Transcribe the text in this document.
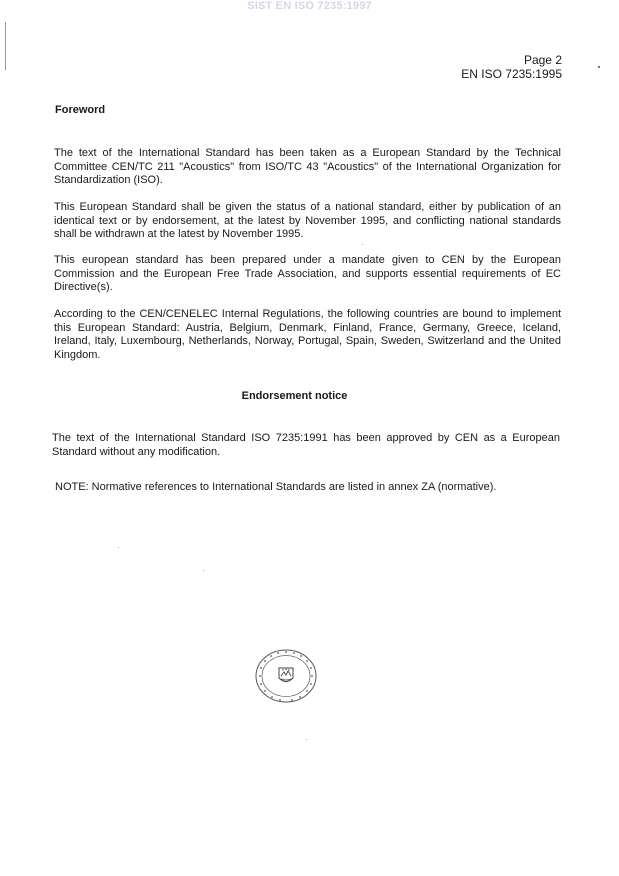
SIST EN ISO 7235:1997
Page 2
EN ISO 7235:1995
Foreword
The text of the International Standard has been taken as a European Standard by the Technical Committee CEN/TC 211 "Acoustics" from ISO/TC 43 "Acoustics" of the International Organization for Standardization (ISO).
This European Standard shall be given the status of a national standard, either by publication of an identical text or by endorsement, at the latest by November 1995, and conflicting national standards shall be withdrawn at the latest by November 1995.
This european standard has been prepared under a mandate given to CEN by the European Commission and the European Free Trade Association, and supports essential requirements of EC Directive(s).
According to the CEN/CENELEC Internal Regulations, the following countries are bound to implement this European Standard: Austria, Belgium, Denmark, Finland, France, Germany, Greece, Iceland, Ireland, Italy, Luxembourg, Netherlands, Norway, Portugal, Spain, Sweden, Switzerland and the United Kingdom.
Endorsement notice
The text of the International Standard ISO 7235:1991 has been approved by CEN as a European Standard without any modification.
NOTE: Normative references to International Standards are listed in annex ZA (normative).
